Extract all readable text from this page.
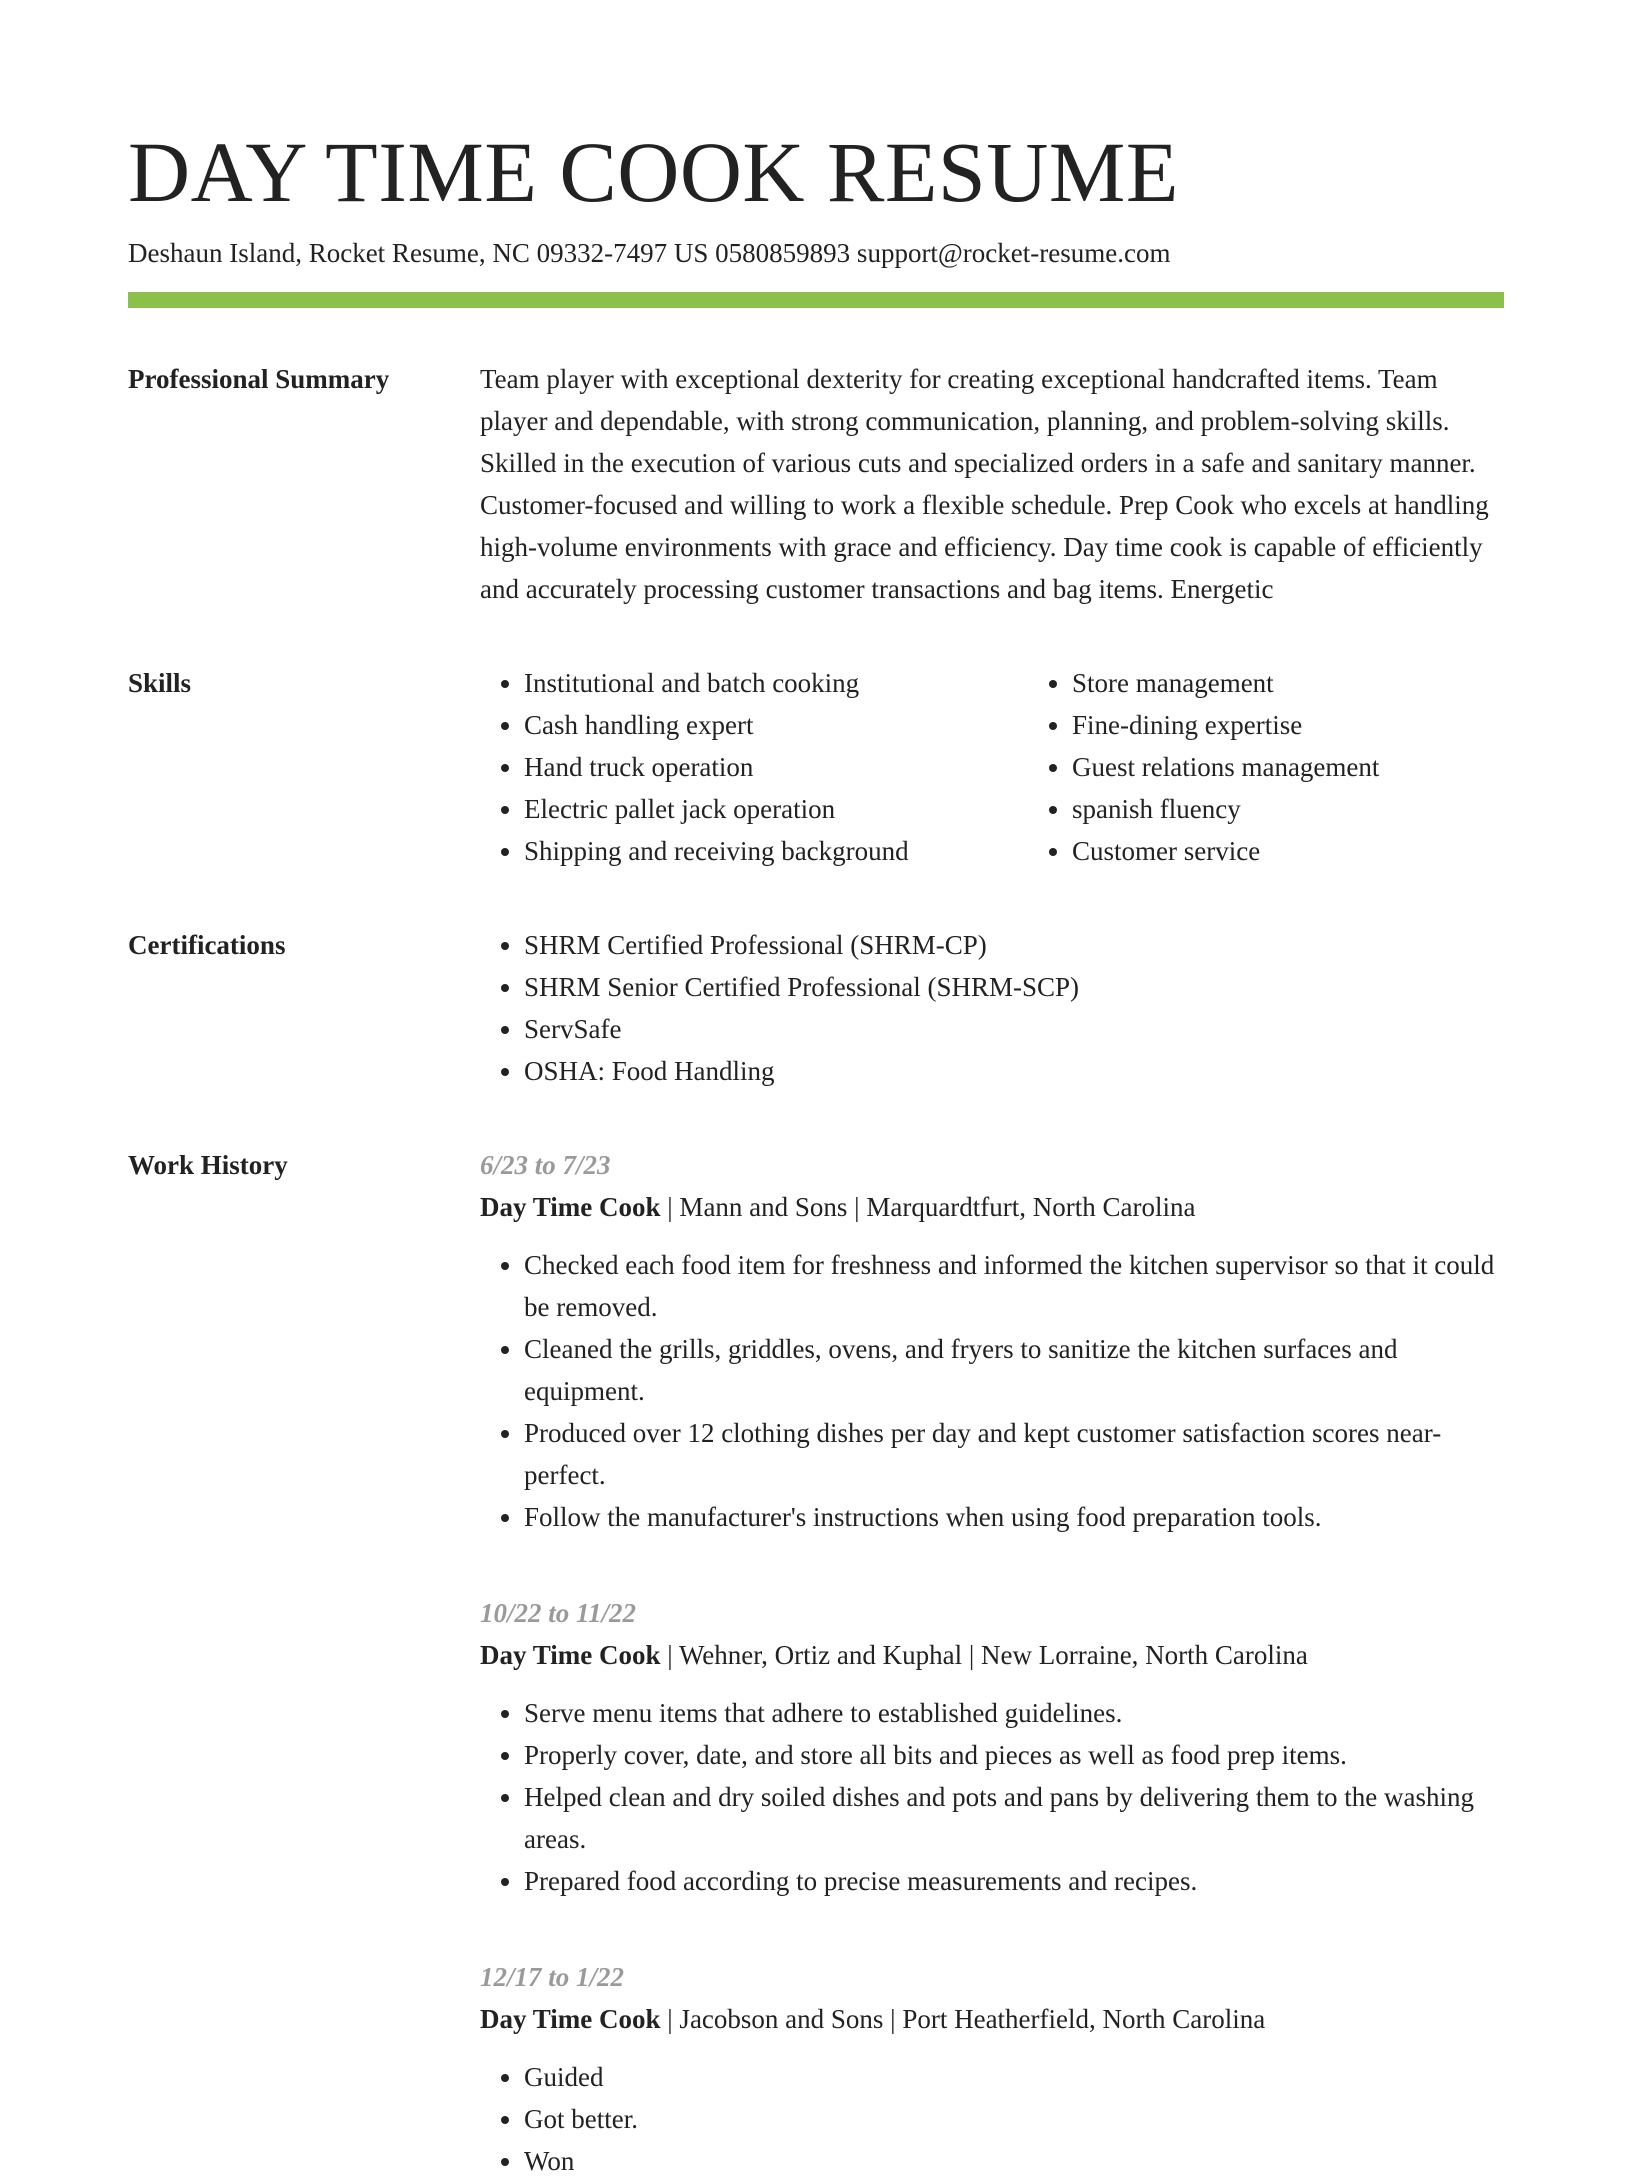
DAY TIME COOK RESUME
Deshaun Island, Rocket Resume, NC 09332-7497 US 0580859893 support@rocket-resume.com
Professional Summary	Team player with exceptional dexterity for creating exceptional handcrafted items. Team player and dependable, with strong communication, planning, and problem-solving skills. Skilled in the execution of various cuts and specialized orders in a safe and sanitary manner. Customer-focused and willing to work a flexible schedule. Prep Cook who excels at handling high-volume environments with grace and efficiency. Day time cook is capable of efficiently and accurately processing customer transactions and bag items. Energetic

Skills	• Institutional and batch cooking
• Cash handling expert
• Hand truck operation
• Electric pallet jack operation
• Shipping and receiving background
• Store management
• Fine-dining expertise
• Guest relations management
• spanish fluency
• Customer service
Certifications	• SHRM Certified Professional (SHRM-CP)
• SHRM Senior Certified Professional (SHRM-SCP)
• ServSafe
• OSHA: Food Handling
Work History	6/23 to 7/23
Day Time Cook | Mann and Sons | Marquardtfurt, North Carolina
• Checked each food item for freshness and informed the kitchen supervisor so that it could be removed.
• Cleaned the grills, griddles, ovens, and fryers to sanitize the kitchen surfaces and equipment.
• Produced over 12 clothing dishes per day and kept customer satisfaction scores near-perfect.
• Follow the manufacturer's instructions when using food preparation tools.
10/22 to 11/22
Day Time Cook | Wehner, Ortiz and Kuphal | New Lorraine, North Carolina
• Serve menu items that adhere to established guidelines.
• Properly cover, date, and store all bits and pieces as well as food prep items.
• Helped clean and dry soiled dishes and pots and pans by delivering them to the washing areas.
• Prepared food according to precise measurements and recipes.
12/17 to 1/22
Day Time Cook | Jacobson and Sons | Port Heatherfield, North Carolina
• Guided
• Got better.
• Won
